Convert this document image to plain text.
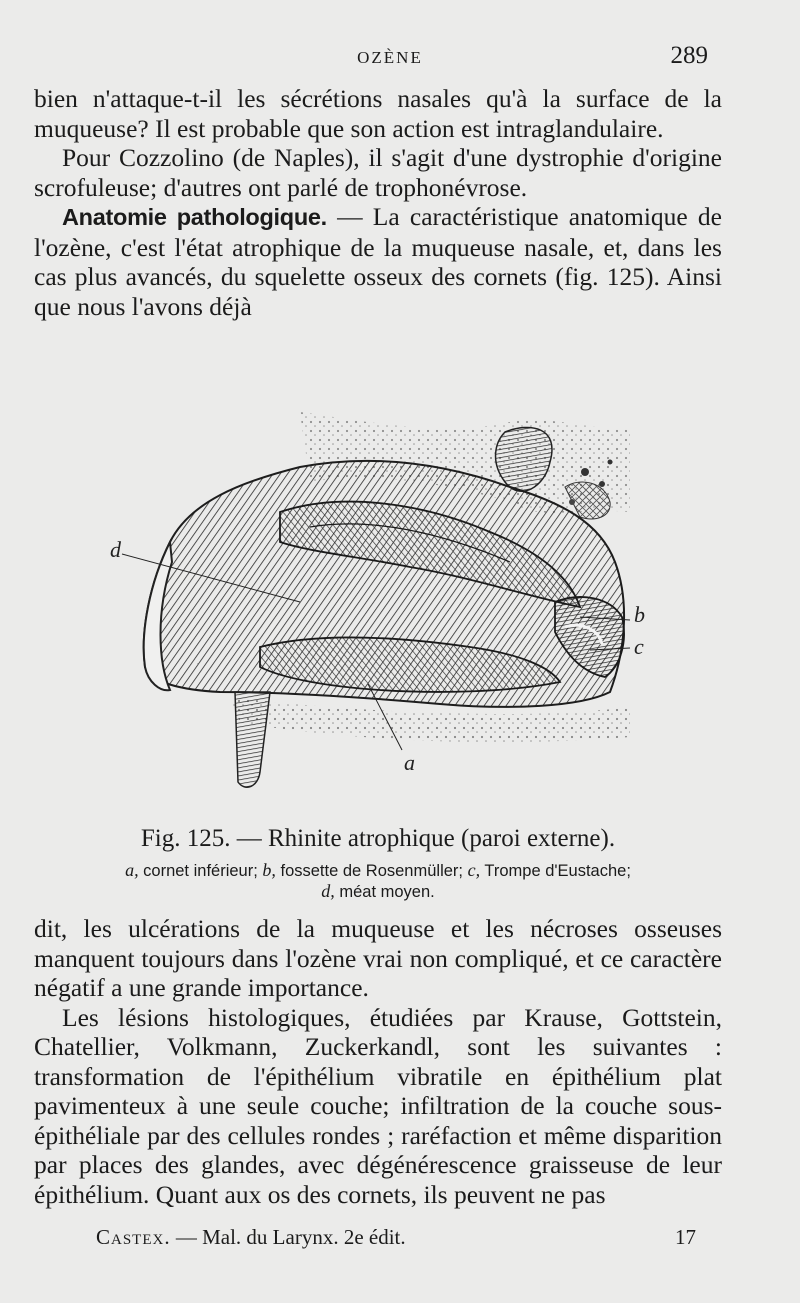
OZÈNE	289

bien n'attaque-t-il les sécrétions nasales qu'à la surface de la muqueuse? Il est probable que son action est intraglandulaire.

Pour Cozzolino (de Naples), il s'agit d'une dystrophie d'origine scrofuleuse; d'autres ont parlé de trophonévrose.

Anatomie pathologique. — La caractéristique anatomique de l'ozène, c'est l'état atrophique de la muqueuse nasale, et, dans les cas plus avancés, du squelette osseux des cornets (fig. 125). Ainsi que nous l'avons déjà

d
b
c
a
Fig. 125. — Rhinite atrophique (paroi externe).
a, cornet inférieur; b, fossette de Rosenmüller; c, Trompe d'Eustache;
d, méat moyen.

dit, les ulcérations de la muqueuse et les nécroses osseuses manquent toujours dans l'ozène vrai non compliqué, et ce caractère négatif a une grande importance.

Les lésions histologiques, étudiées par Krause, Gottstein, Chatellier, Volkmann, Zuckerkandl, sont les suivantes : transformation de l'épithélium vibratile en épithélium plat pavimenteux à une seule couche; infiltration de la couche sous-épithéliale par des cellules rondes ; raréfaction et même disparition par places des glandes, avec dégénérescence graisseuse de leur épithélium. Quant aux os des cornets, ils peuvent ne pas

Castex. — Mal. du Larynx. 2e édit.	17
